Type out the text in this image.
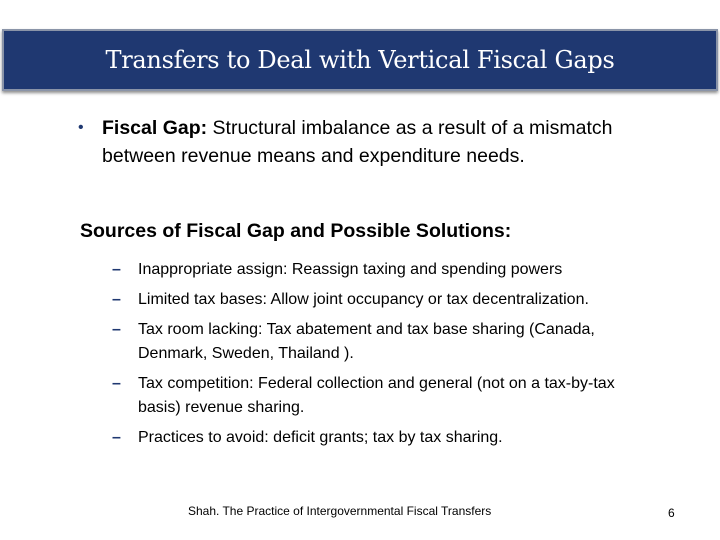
Transfers to Deal with Vertical Fiscal Gaps
• Fiscal Gap: Structural imbalance as a result of a mismatch between revenue means and expenditure needs.
Sources of Fiscal Gap and Possible Solutions:
–	Inappropriate assign: Reassign taxing and spending powers
–	Limited tax bases: Allow joint occupancy or tax decentralization.
–	Tax room lacking: Tax abatement and tax base sharing (Canada, Denmark, Sweden, Thailand ).
–	Tax competition: Federal collection and general (not on a tax-by-tax basis) revenue sharing.
–	Practices to avoid: deficit grants; tax by tax sharing.
Shah. The Practice of Intergovernmental Fiscal Transfers	6
